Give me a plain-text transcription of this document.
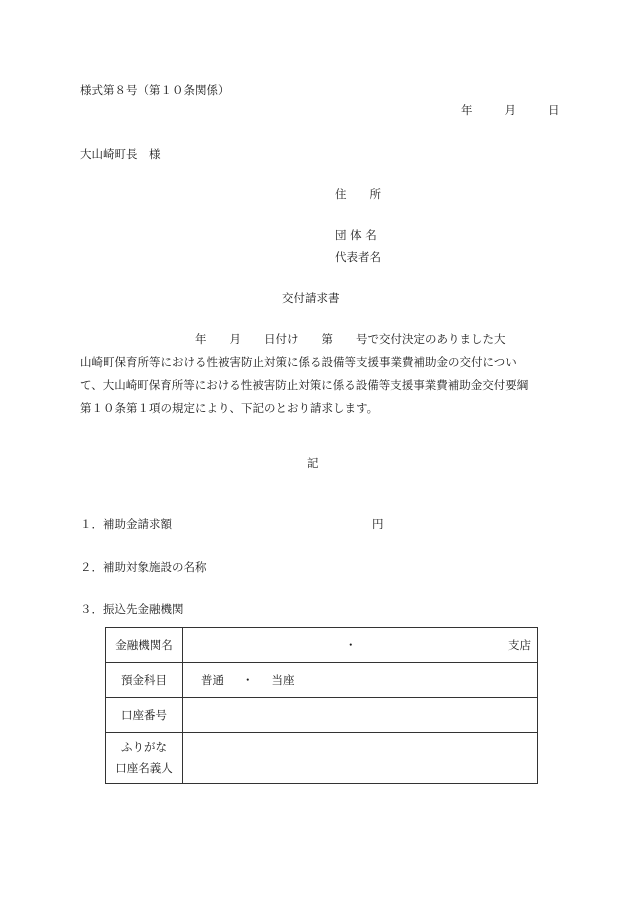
様式第８号（第１０条関係）
年	月	日
大山崎町長　様
住　　所
団 体 名
代表者名
交付請求書
　　　　　　　　　　年　　月　　日付け　　第　　号で交付決定のありました大
山崎町保育所等における性被害防止対策に係る設備等支援事業費補助金の交付につい
て、大山崎町保育所等における性被害防止対策に係る設備等支援事業費補助金交付要綱
第１０条第１項の規定により、下記のとおり請求します。
記
１．補助金請求額	円
２．補助対象施設の名称
３．振込先金融機関
金融機関名	・ 支店

預金科目	普通 ・ 当座
口座番号	

ふりがな
口座名義人	
